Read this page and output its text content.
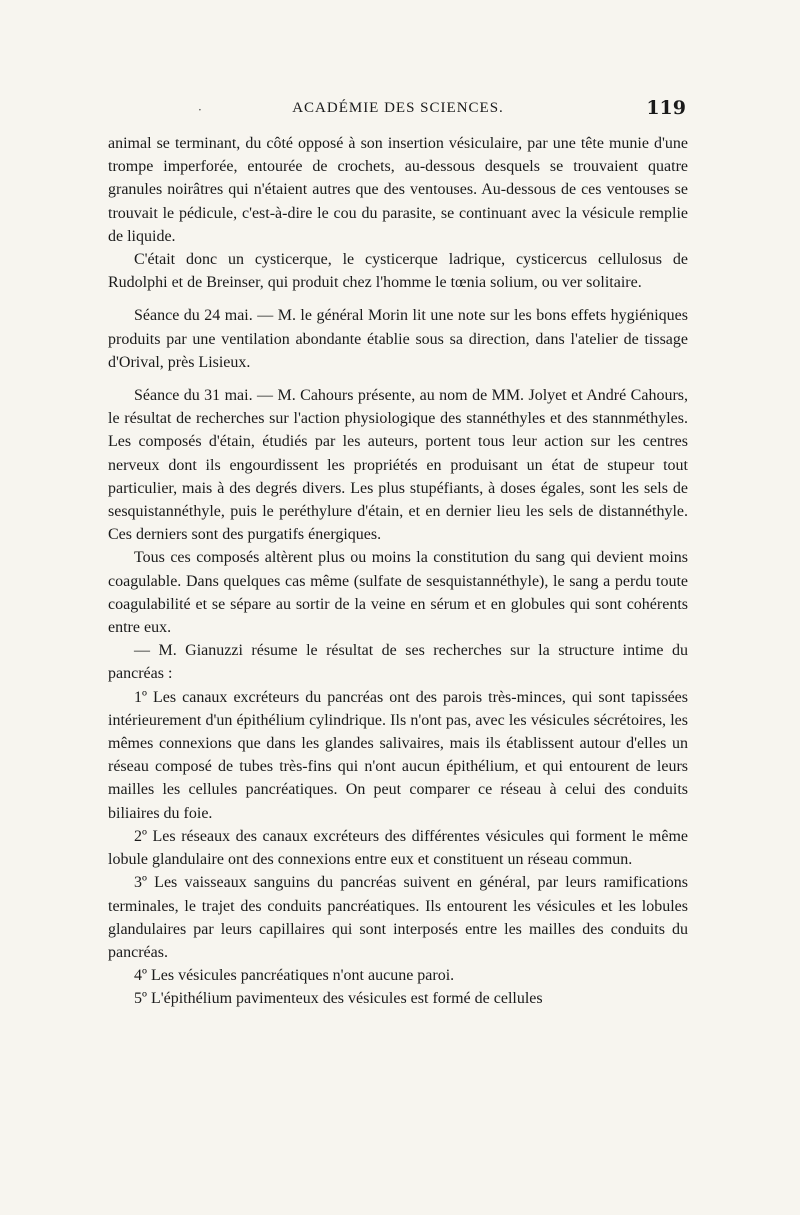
·	ACADÉMIE DES SCIENCES.	119

animal se terminant, du côté opposé à son insertion vésiculaire, par une tête munie d'une trompe imperforée, entourée de crochets, au-dessous desquels se trouvaient quatre granules noirâtres qui n'étaient autres que des ventouses. Au-dessous de ces ventouses se trouvait le pédicule, c'est-à-dire le cou du parasite, se continuant avec la vésicule remplie de liquide.

C'était donc un cysticerque, le cysticerque ladrique, cysticercus cellulosus de Rudolphi et de Breinser, qui produit chez l'homme le tœnia solium, ou ver solitaire.

Séance du 24 mai. — M. le général Morin lit une note sur les bons effets hygiéniques produits par une ventilation abondante établie sous sa direction, dans l'atelier de tissage d'Orival, près Lisieux.

Séance du 31 mai. — M. Cahours présente, au nom de MM. Jolyet et André Cahours, le résultat de recherches sur l'action physiologique des stannéthyles et des stannméthyles. Les composés d'étain, étudiés par les auteurs, portent tous leur action sur les centres nerveux dont ils engourdissent les propriétés en produisant un état de stupeur tout particulier, mais à des degrés divers. Les plus stupéfiants, à doses égales, sont les sels de sesquistannéthyle, puis le peréthylure d'étain, et en dernier lieu les sels de distannéthyle. Ces derniers sont des purgatifs énergiques.

Tous ces composés altèrent plus ou moins la constitution du sang qui devient moins coagulable. Dans quelques cas même (sulfate de sesquistannéthyle), le sang a perdu toute coagulabilité et se sépare au sortir de la veine en sérum et en globules qui sont cohérents entre eux.

— M. Gianuzzi résume le résultat de ses recherches sur la structure intime du pancréas :

1º Les canaux excréteurs du pancréas ont des parois très-minces, qui sont tapissées intérieurement d'un épithélium cylindrique. Ils n'ont pas, avec les vésicules sécrétoires, les mêmes connexions que dans les glandes salivaires, mais ils établissent autour d'elles un réseau composé de tubes très-fins qui n'ont aucun épithélium, et qui entourent de leurs mailles les cellules pancréatiques. On peut comparer ce réseau à celui des conduits biliaires du foie.

2º Les réseaux des canaux excréteurs des différentes vésicules qui forment le même lobule glandulaire ont des connexions entre eux et constituent un réseau commun.

3º Les vaisseaux sanguins du pancréas suivent en général, par leurs ramifications terminales, le trajet des conduits pancréatiques. Ils entourent les vésicules et les lobules glandulaires par leurs capillaires qui sont interposés entre les mailles des conduits du pancréas.

4º Les vésicules pancréatiques n'ont aucune paroi.

5º L'épithélium pavimenteux des vésicules est formé de cellules
